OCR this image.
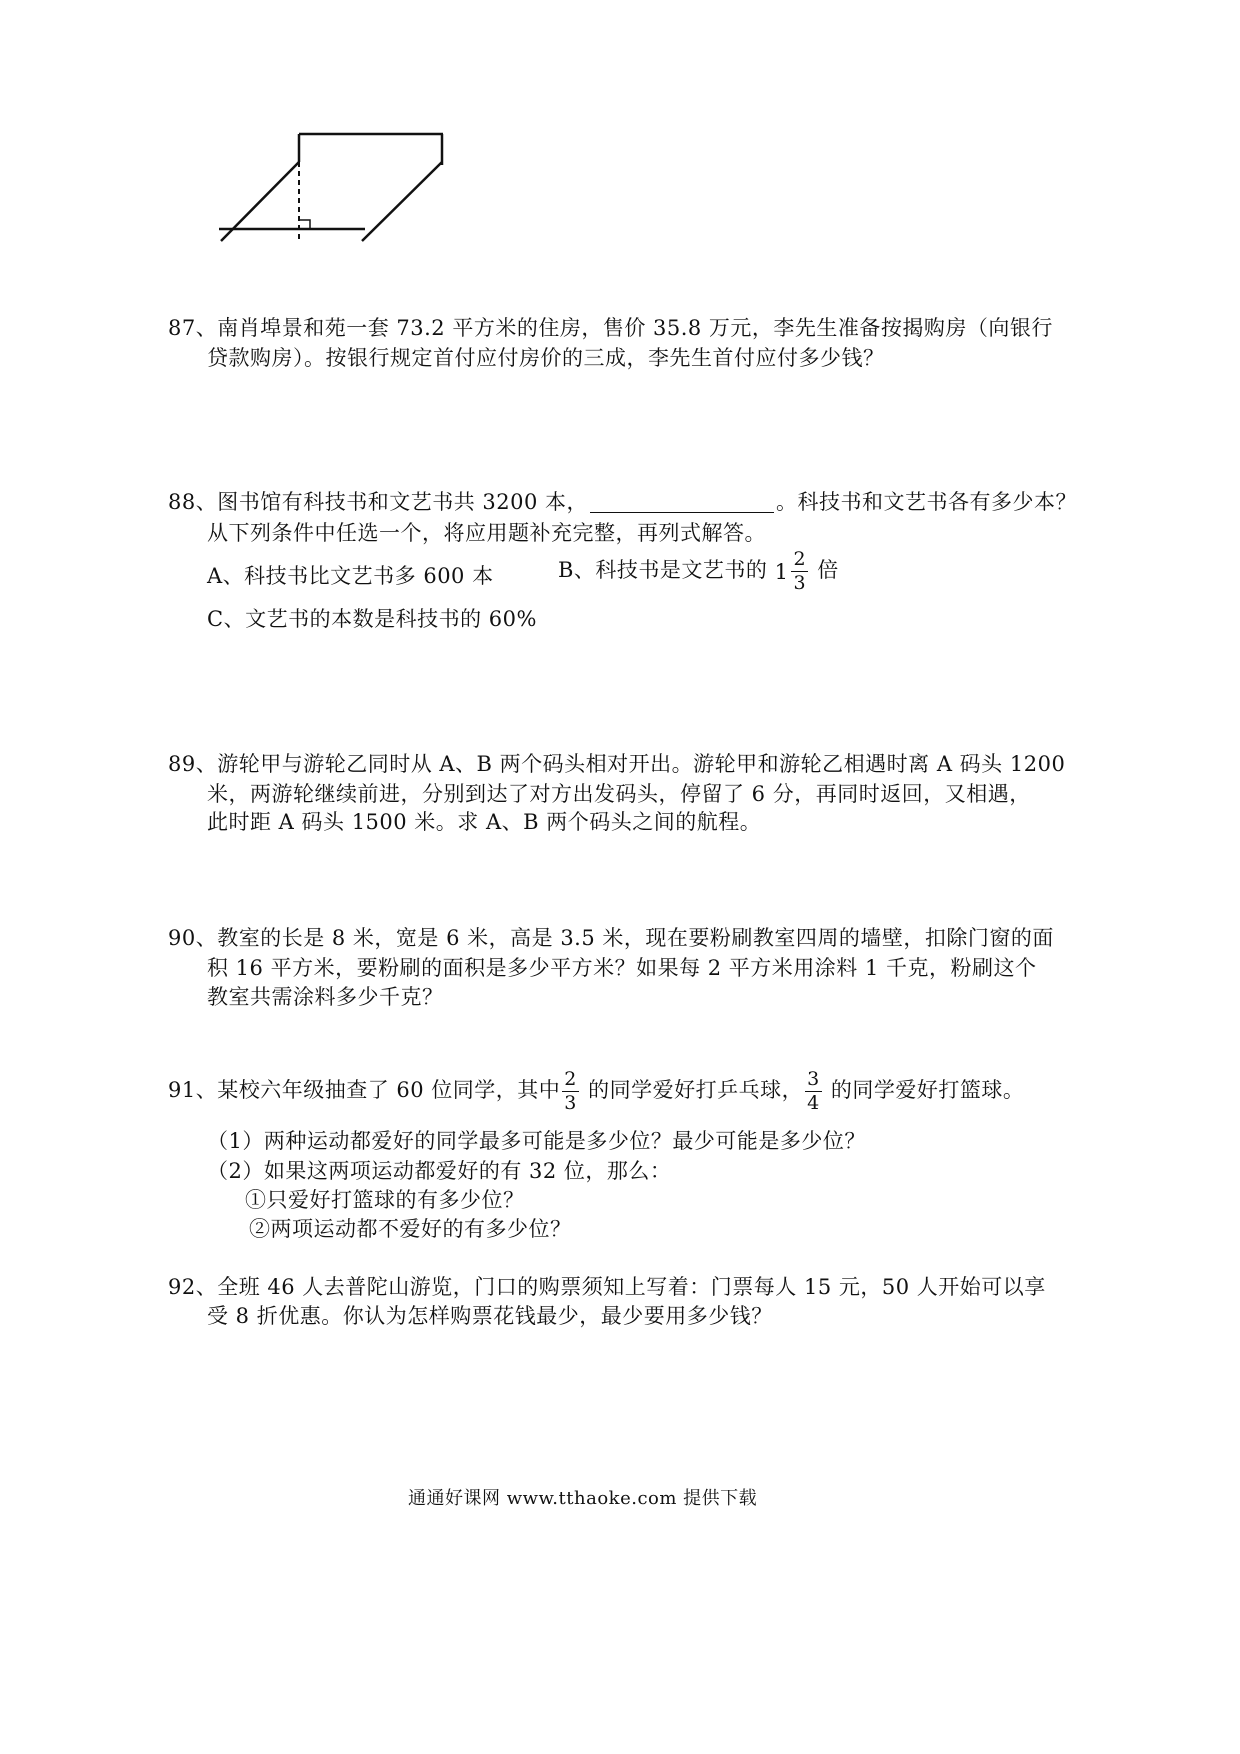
87、南肖埠景和苑一套 73.2 平方米的住房，售价 35.8 万元，李先生准备按揭购房（向银行
贷款购房）。按银行规定首付应付房价的三成，李先生首付应付多少钱？
88、图书馆有科技书和文艺书共 3200 本，	。科技书和文艺书各有多少本？
从下列条件中任选一个，将应用题补充完整，再列式解答。
A、科技书比文艺书多 600 本	B、科技书是文艺书的 $1 \frac{2}{3}$ 倍
C、文艺书的本数是科技书的 60%
89、游轮甲与游轮乙同时从 A、B 两个码头相对开出。游轮甲和游轮乙相遇时离 A 码头 1200
米，两游轮继续前进，分别到达了对方出发码头，停留了 6 分，再同时返回，又相遇，
此时距 A 码头 1500 米。求 A、B 两个码头之间的航程。
90、教室的长是 8 米，宽是 6 米，高是 3.5 米，现在要粉刷教室四周的墙壁，扣除门窗的面
积 16 平方米，要粉刷的面积是多少平方米？如果每 2 平方米用涂料 1 千克，粉刷这个
教室共需涂料多少千克？
91、某校六年级抽查了 60 位同学，其中 $\frac{2}{3}$ 的同学爱好打乒乓球， $\frac{3}{4}$ 的同学爱好打篮球。
（1）两种运动都爱好的同学最多可能是多少位？最少可能是多少位？
（2）如果这两项运动都爱好的有 32 位，那么：
①只爱好打篮球的有多少位？
②两项运动都不爱好的有多少位？
92、全班 46 人去普陀山游览，门口的购票须知上写着：门票每人 15 元，50 人开始可以享
受 8 折优惠。你认为怎样购票花钱最少，最少要用多少钱？
通通好课网 www.tthaoke.com 提供下载
